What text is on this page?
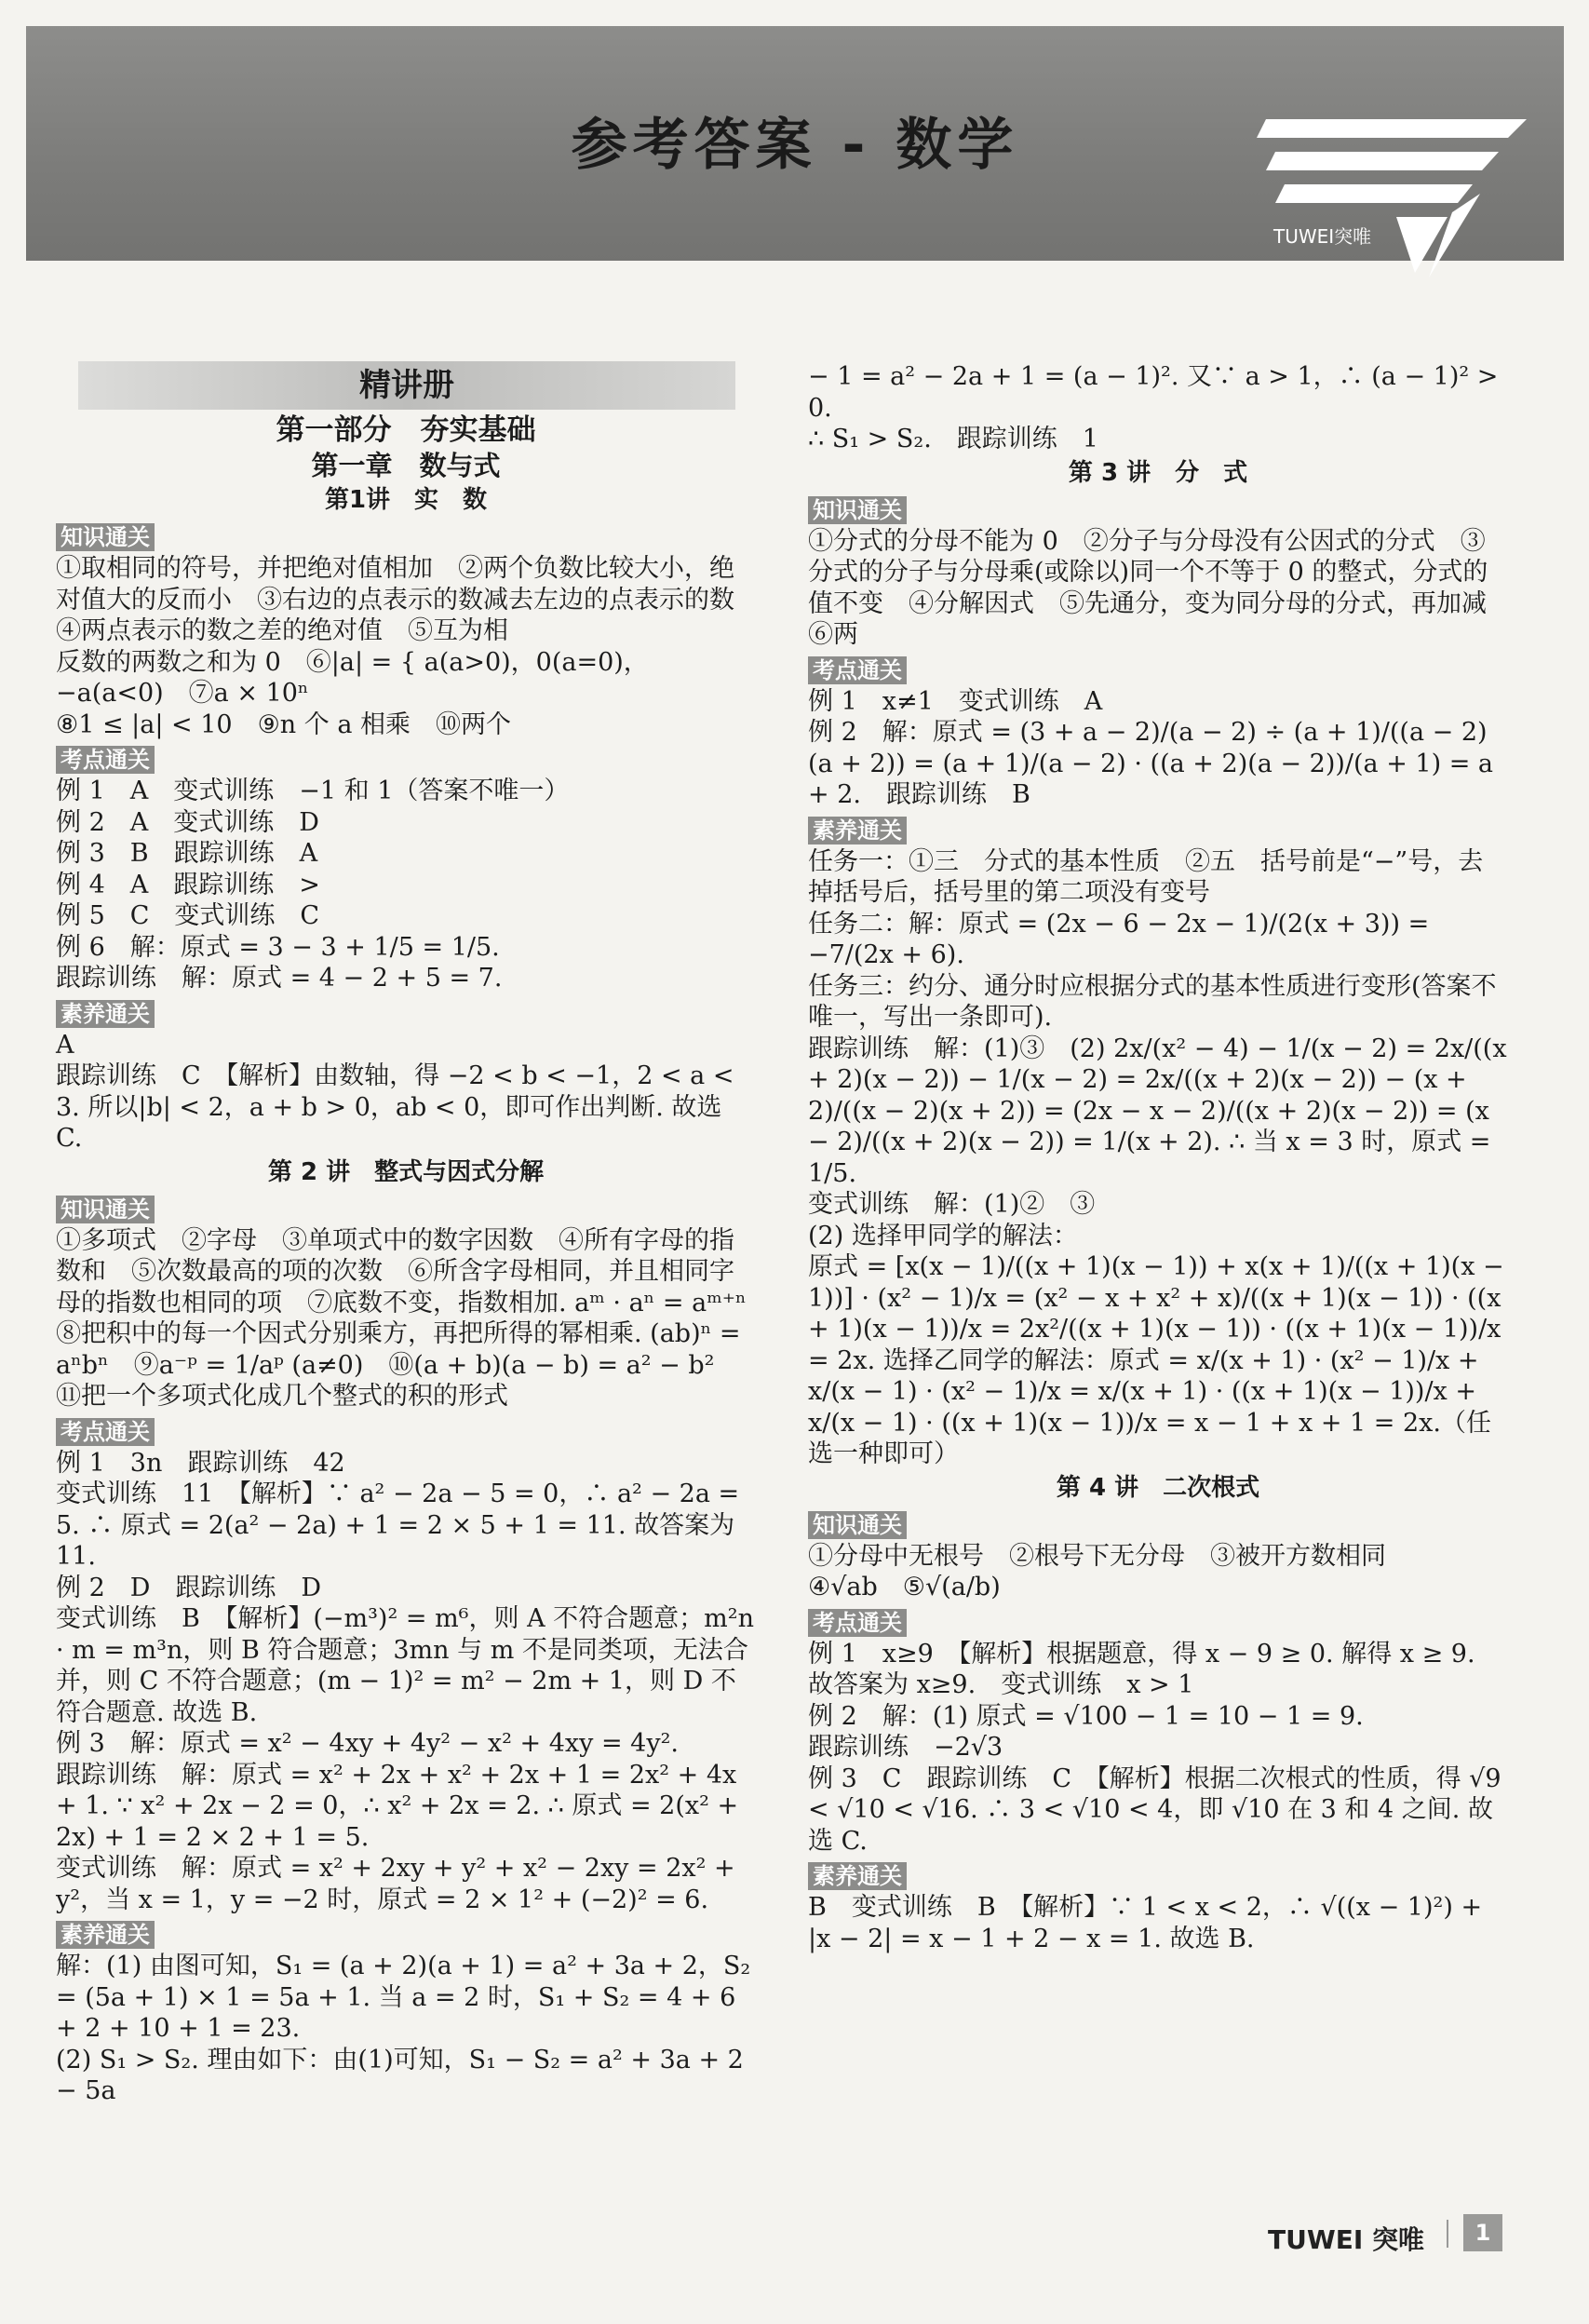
参考答案 - 数学
TUWEI突唯
精讲册

第一部分　夯实基础

第一章　数与式

第1讲　实　数

知识通关

①取相同的符号，并把绝对值相加　②两个负数比较大小，绝对值大的反而小　③右边的点表示的数减去左边的点表示的数　④两点表示的数之差的绝对值　⑤互为相

反数的两数之和为 0　⑥|a| = { a(a>0)，0(a=0)，−a(a<0)　⑦a × 10ⁿ

⑧1 ≤ |a| < 10　⑨n 个 a 相乘　⑩两个

考点通关

例 1　A　变式训练　−1 和 1（答案不唯一）

例 2　A　变式训练　D

例 3　B　跟踪训练　A

例 4　A　跟踪训练　>

例 5　C　变式训练　C

例 6　解：原式 = 3 − 3 + 1/5 = 1/5.

跟踪训练　解：原式 = 4 − 2 + 5 = 7.

素养通关

A

跟踪训练　C　【解析】由数轴，得 −2 < b < −1，2 < a < 3. 所以|b| < 2，a + b > 0，ab < 0，即可作出判断. 故选 C.

第 2 讲　整式与因式分解

知识通关

①多项式　②字母　③单项式中的数字因数　④所有字母的指数和　⑤次数最高的项的次数　⑥所含字母相同，并且相同字母的指数也相同的项　⑦底数不变，指数相加. aᵐ · aⁿ = aᵐ⁺ⁿ　⑧把积中的每一个因式分别乘方，再把所得的幂相乘. (ab)ⁿ = aⁿbⁿ　⑨a⁻ᵖ = 1/aᵖ (a≠0)　⑩(a + b)(a − b) = a² − b²　⑪把一个多项式化成几个整式的积的形式

考点通关

例 1　3n　跟踪训练　42

变式训练　11　【解析】∵ a² − 2a − 5 = 0，∴ a² − 2a = 5. ∴ 原式 = 2(a² − 2a) + 1 = 2 × 5 + 1 = 11. 故答案为 11.

例 2　D　跟踪训练　D

变式训练　B　【解析】(−m³)² = m⁶，则 A 不符合题意；m²n · m = m³n，则 B 符合题意；3mn 与 m 不是同类项，无法合并，则 C 不符合题意；(m − 1)² = m² − 2m + 1，则 D 不符合题意. 故选 B.

例 3　解：原式 = x² − 4xy + 4y² − x² + 4xy = 4y².

跟踪训练　解：原式 = x² + 2x + x² + 2x + 1 = 2x² + 4x + 1. ∵ x² + 2x − 2 = 0，∴ x² + 2x = 2. ∴ 原式 = 2(x² + 2x) + 1 = 2 × 2 + 1 = 5.

变式训练　解：原式 = x² + 2xy + y² + x² − 2xy = 2x² + y²，当 x = 1，y = −2 时，原式 = 2 × 1² + (−2)² = 6.

素养通关

解：(1) 由图可知，S₁ = (a + 2)(a + 1) = a² + 3a + 2，S₂ = (5a + 1) × 1 = 5a + 1. 当 a = 2 时，S₁ + S₂ = 4 + 6 + 2 + 10 + 1 = 23.

(2) S₁ > S₂. 理由如下：由(1)可知，S₁ − S₂ = a² + 3a + 2 − 5a

− 1 = a² − 2a + 1 = (a − 1)². 又∵ a > 1，∴ (a − 1)² > 0.

∴ S₁ > S₂.　跟踪训练　1

第 3 讲　分　式

知识通关

①分式的分母不能为 0　②分子与分母没有公因式的分式　③分式的分子与分母乘(或除以)同一个不等于 0 的整式，分式的值不变　④分解因式　⑤先通分，变为同分母的分式，再加减　⑥两

考点通关

例 1　x≠1　变式训练　A

例 2　解：原式 = (3 + a − 2)/(a − 2) ÷ (a + 1)/((a − 2)(a + 2)) = (a + 1)/(a − 2) · ((a + 2)(a − 2))/(a + 1) = a + 2.　跟踪训练　B

素养通关

任务一：①三　分式的基本性质　②五　括号前是“−”号，去掉括号后，括号里的第二项没有变号

任务二：解：原式 = (2x − 6 − 2x − 1)/(2(x + 3)) = −7/(2x + 6).

任务三：约分、通分时应根据分式的基本性质进行变形(答案不唯一，写出一条即可).

跟踪训练　解：(1)③　(2) 2x/(x² − 4) − 1/(x − 2) = 2x/((x + 2)(x − 2)) − 1/(x − 2) = 2x/((x + 2)(x − 2)) − (x + 2)/((x − 2)(x + 2)) = (2x − x − 2)/((x + 2)(x − 2)) = (x − 2)/((x + 2)(x − 2)) = 1/(x + 2). ∴ 当 x = 3 时，原式 = 1/5.

变式训练　解：(1)②　③

(2) 选择甲同学的解法：

原式 = [x(x − 1)/((x + 1)(x − 1)) + x(x + 1)/((x + 1)(x − 1))] · (x² − 1)/x = (x² − x + x² + x)/((x + 1)(x − 1)) · ((x + 1)(x − 1))/x = 2x²/((x + 1)(x − 1)) · ((x + 1)(x − 1))/x = 2x. 选择乙同学的解法：原式 = x/(x + 1) · (x² − 1)/x + x/(x − 1) · (x² − 1)/x = x/(x + 1) · ((x + 1)(x − 1))/x + x/(x − 1) · ((x + 1)(x − 1))/x = x − 1 + x + 1 = 2x.（任选一种即可）

第 4 讲　二次根式

知识通关

①分母中无根号　②根号下无分母　③被开方数相同

④√ab　⑤√(a/b)

考点通关

例 1　x≥9　【解析】根据题意，得 x − 9 ≥ 0. 解得 x ≥ 9. 故答案为 x≥9.　变式训练　x > 1

例 2　解：(1) 原式 = √100 − 1 = 10 − 1 = 9.

跟踪训练　−2√3

例 3　C　跟踪训练　C　【解析】根据二次根式的性质，得 √9 < √10 < √16. ∴ 3 < √10 < 4，即 √10 在 3 和 4 之间. 故选 C.

素养通关

B　变式训练　B　【解析】∵ 1 < x < 2，∴ √((x − 1)²) + |x − 2| = x − 1 + 2 − x = 1. 故选 B.

TUWEI 突唯	1
